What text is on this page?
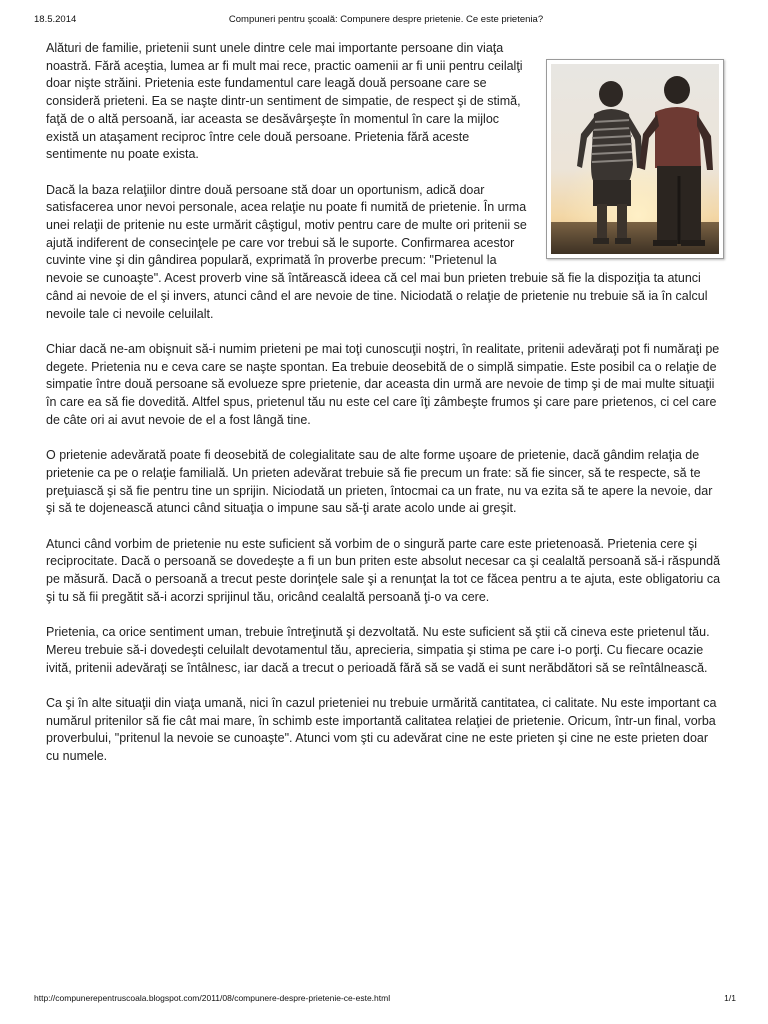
18.5.2014	Compuneri pentru şcoală: Compunere despre prietenie. Ce este prietenia?

Alături de familie, prietenii sunt unele dintre cele mai importante persoane din viaţa noastră. Fără aceştia, lumea ar fi mult mai rece, practic oamenii ar fi unii pentru ceilalţi doar nişte străini. Prietenia este fundamentul care leagă două persoane care se consideră prieteni. Ea se naşte dintr-un sentiment de simpatie, de respect şi de stimă, faţă de o altă persoană, iar aceasta se desăvârşeşte în momentul în care la mijloc există un ataşament reciproc între cele două persoane. Prietenia fără aceste sentimente nu poate exista.

Dacă la baza relaţiilor dintre două persoane stă doar un oportunism, adică doar satisfacerea unor nevoi personale, acea relaţie nu poate fi numită de prietenie. În urma unei relaţii de pritenie nu este urmărit câştigul, motiv pentru care de multe ori pritenii se ajută indiferent de consecinţele pe care vor trebui să le suporte. Confirmarea acestor cuvinte vine şi din gândirea populară, exprimată în proverbe precum: "Prietenul la nevoie se cunoaşte". Acest proverb vine să întărească ideea că cel mai bun prieten trebuie să fie la dispoziţia ta atunci când ai nevoie de el şi invers, atunci când el are nevoie de tine. Niciodată o relaţie de prietenie nu trebuie să ia în calcul nevoile tale ci nevoile celuilalt.

Chiar dacă ne-am obişnuit să-i numim prieteni pe mai toţi cunoscuţii noştri, în realitate, pritenii adevăraţi pot fi număraţi pe degete. Prietenia nu e ceva care se naşte spontan. Ea trebuie deosebită de o simplă simpatie. Este posibil ca o relaţie de simpatie între două persoane să evolueze spre prietenie, dar aceasta din urmă are nevoie de timp şi de mai multe situaţii în care ea să fie dovedită. Altfel spus, prietenul tău nu este cel care îţi zâmbeşte frumos şi care pare prietenos, ci cel care de câte ori ai avut nevoie de el a fost lângă tine.

O prietenie adevărată poate fi deosebită de colegialitate sau de alte forme uşoare de prietenie, dacă gândim relaţia de prietenie ca pe o relaţie familială. Un prieten adevărat trebuie să fie precum un frate: să fie sincer, să te respecte, să te preţuiască şi să fie pentru tine un sprijin. Niciodată un prieten, întocmai ca un frate, nu va ezita să te apere la nevoie, dar şi să te dojenească atunci când situaţia o impune sau să-ţi arate acolo unde ai greşit.

Atunci când vorbim de prietenie nu este suficient să vorbim de o singură parte care este prietenoasă. Prietenia cere şi reciprocitate. Dacă o persoană se dovedeşte a fi un bun priten este absolut necesar ca şi cealaltă persoană să-i răspundă pe măsură. Dacă o persoană a trecut peste dorinţele sale şi a renunţat la tot ce făcea pentru a te ajuta, este obligatoriu ca şi tu să fii pregătit să-i acorzi sprijinul tău, oricând cealaltă persoană ţi-o va cere.

Prietenia, ca orice sentiment uman, trebuie întreţinută şi dezvoltată. Nu este suficient să ştii că cineva este prietenul tău. Mereu trebuie să-i dovedeşti celuilalt devotamentul tău, aprecieria, simpatia şi stima pe care i-o porţi. Cu fiecare ocazie ivită, pritenii adevăraţi se întâlnesc, iar dacă a trecut o perioadă fără să se vadă ei sunt nerăbdători să se reîntâlnească.

Ca şi în alte situaţii din viaţa umană, nici în cazul prieteniei nu trebuie urmărită cantitatea, ci calitate. Nu este important ca numărul pritenilor să fie cât mai mare, în schimb este importantă calitatea relaţiei de prietenie. Oricum, într-un final, vorba proverbului, "pritenul la nevoie se cunoaşte". Atunci vom şti cu adevărat cine ne este prieten şi cine ne este prieten doar cu numele.

http://compunerepentruscoala.blogspot.com/2011/08/compunere-despre-prietenie-ce-este.html	1/1
